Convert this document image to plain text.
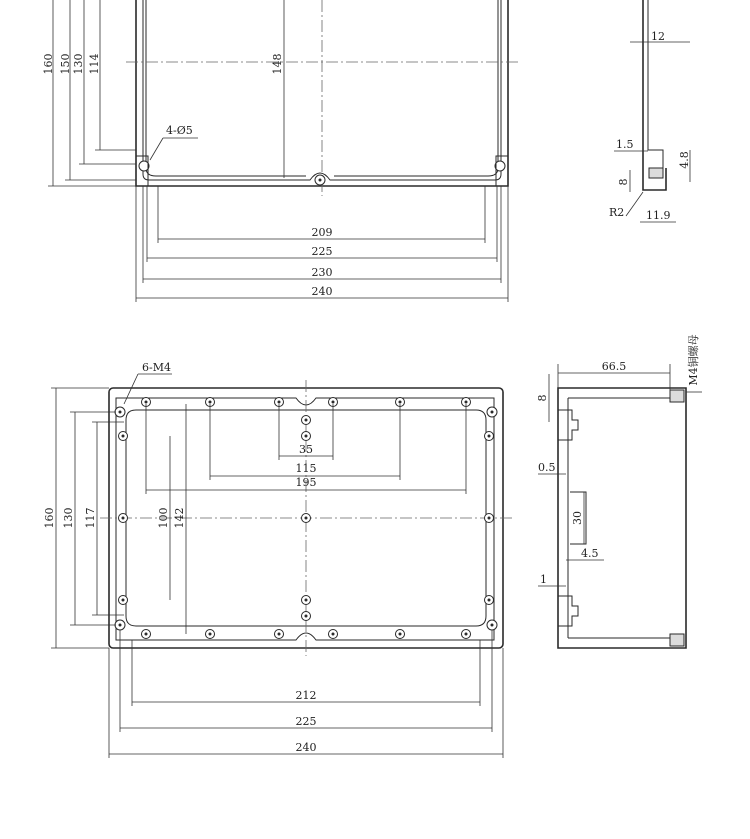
160 150 130 114	148
4-Ø5
209
225
230
240
12
1.5
4.8
8
R2 11.9
6-M4
160 130 117	100 142
35
115
195
212
225
240
66.5
8
0.5
30
4.5
1
M4铜螺母
